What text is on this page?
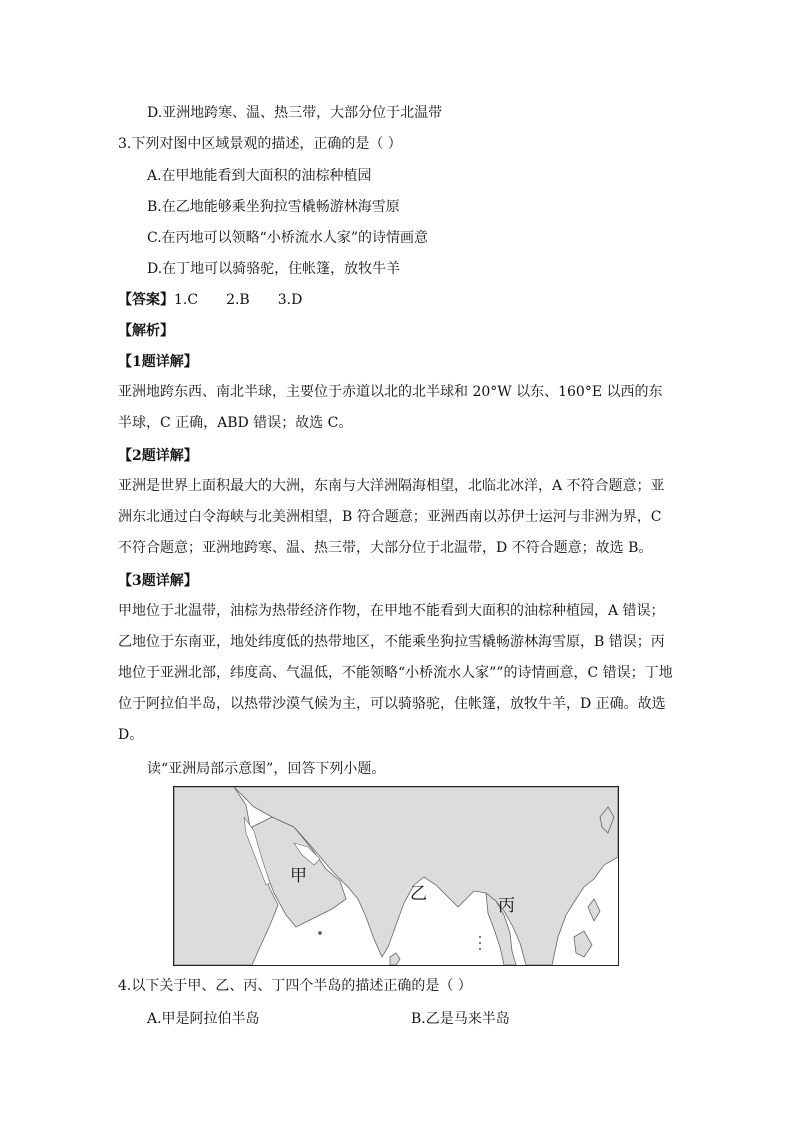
D.亚洲地跨寒、温、热三带，大部分位于北温带
3.下列对图中区域景观的描述，正确的是（ ）
A.在甲地能看到大面积的油棕种植园
B.在乙地能够乘坐狗拉雪橇畅游林海雪原
C.在丙地可以领略“小桥流水人家”的诗情画意
D.在丁地可以骑骆驼，住帐篷，放牧牛羊
【答案】1.C 2.B 3.D
【解析】
【1题详解】
亚洲地跨东西、南北半球，主要位于赤道以北的北半球和 20°W 以东、160°E 以西的东半球，C 正确，ABD 错误；故选 C。
【2题详解】
亚洲是世界上面积最大的大洲，东南与大洋洲隔海相望，北临北冰洋，A 不符合题意；亚洲东北通过白令海峡与北美洲相望，B 符合题意；亚洲西南以苏伊士运河与非洲为界，C 不符合题意；亚洲地跨寒、温、热三带，大部分位于北温带，D 不符合题意；故选 B。
【3题详解】
甲地位于北温带，油棕为热带经济作物，在甲地不能看到大面积的油棕种植园，A 错误；乙地位于东南亚，地处纬度低的热带地区，不能乘坐狗拉雪橇畅游林海雪原，B 错误；丙地位于亚洲北部，纬度高、气温低，不能领略“小桥流水人家””的诗情画意，C 错误；丁地位于阿拉伯半岛，以热带沙漠气候为主，可以骑骆驼，住帐篷，放牧牛羊，D 正确。故选 D。
读“亚洲局部示意图”，回答下列小题。
甲
乙
丙
4.以下关于甲、乙、丙、丁四个半岛的描述正确的是（ ）
A.甲是阿拉伯半岛	B.乙是马来半岛
